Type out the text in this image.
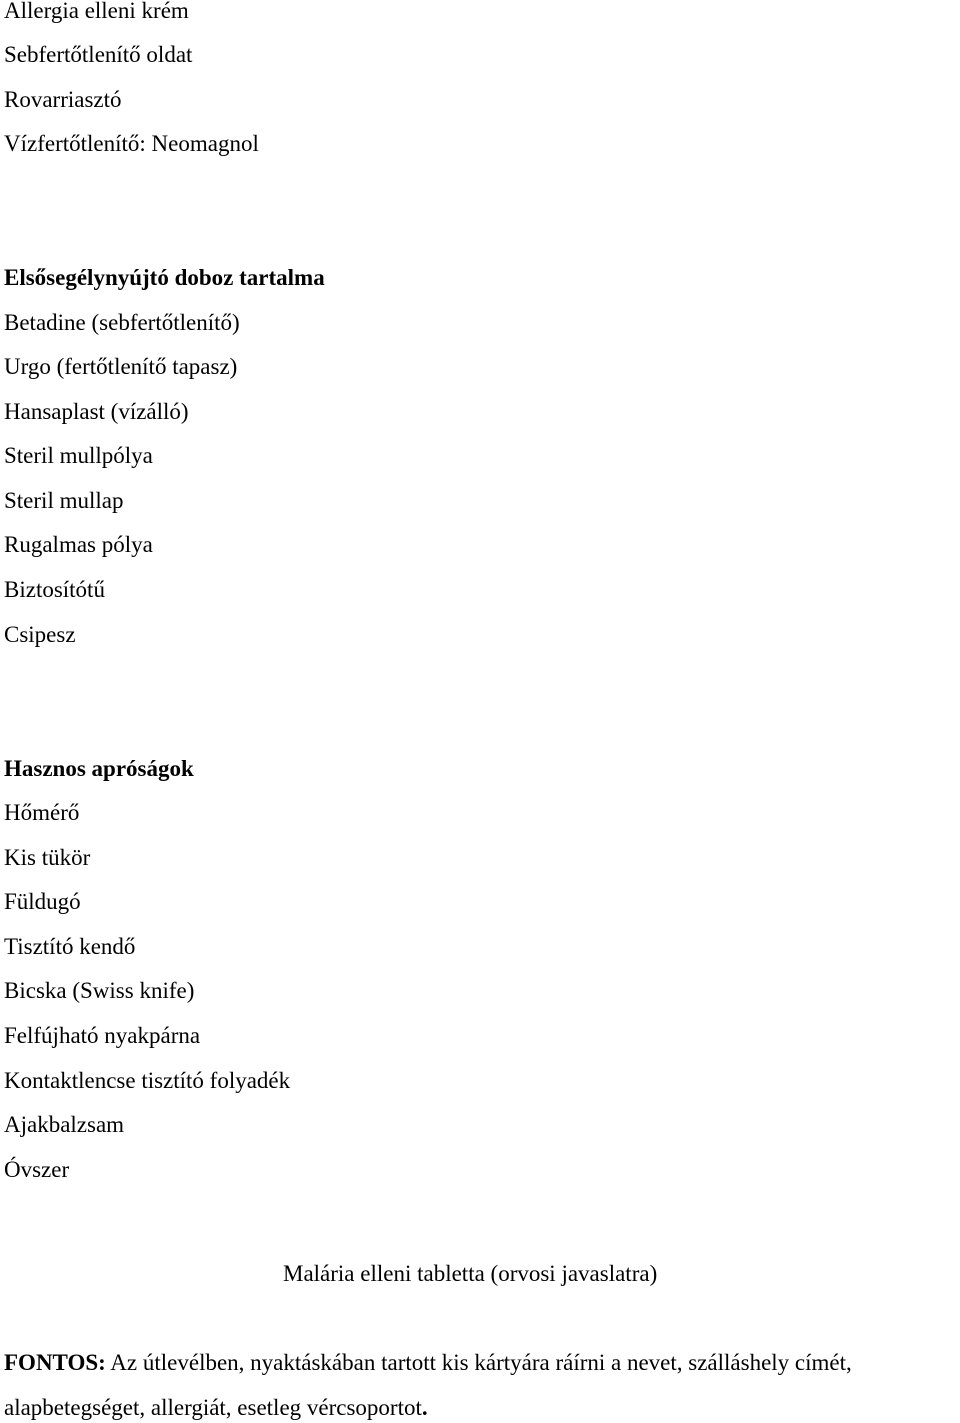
Allergia elleni krém
Sebfertőtlenítő oldat
Rovarriasztó
Vízfertőtlenítő: Neomagnol
Elsősegélynyújtó doboz tartalma
Betadine (sebfertőtlenítő)
Urgo (fertőtlenítő tapasz)
Hansaplast (vízálló)
Steril mullpólya
Steril mullap
Rugalmas pólya
Biztosítótű
Csipesz
Hasznos apróságok
Hőmérő
Kis tükör
Füldugó
Tisztító kendő
Bicska (Swiss knife)
Felfújható nyakpárna
Kontaktlencse tisztító folyadék
Ajakbalzsam
Óvszer
Malária elleni tabletta (orvosi javaslatra)
FONTOS: Az útlevélben, nyaktáskában tartott kis kártyára ráírni a nevet, szálláshely címét,
alapbetegséget, allergiát, esetleg vércsoportot.
